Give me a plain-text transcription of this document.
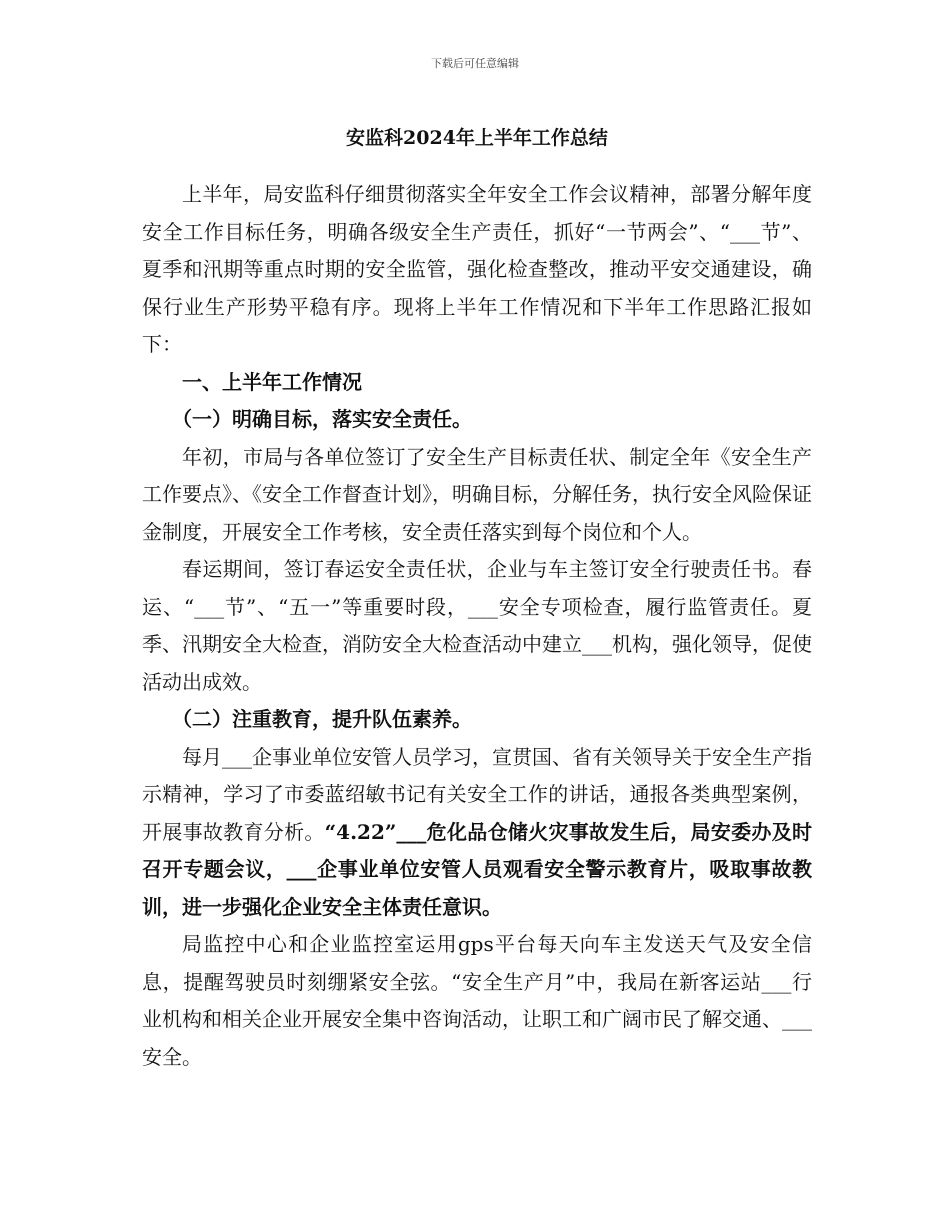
下载后可任意编辑
安监科2024年上半年工作总结

上半年，局安监科仔细贯彻落实全年安全工作会议精神，部署分解年度安全工作目标任务，明确各级安全生产责任，抓好“一节两会”、“___节”、夏季和汛期等重点时期的安全监管，强化检查整改，推动平安交通建设，确保行业生产形势平稳有序。现将上半年工作情况和下半年工作思路汇报如下：

一、上半年工作情况

（一）明确目标，落实安全责任。

年初，市局与各单位签订了安全生产目标责任状、制定全年《安全生产工作要点》、《安全工作督查计划》，明确目标，分解任务，执行安全风险保证金制度，开展安全工作考核，安全责任落实到每个岗位和个人。

春运期间，签订春运安全责任状，企业与车主签订安全行驶责任书。春运、“___节”、“五一”等重要时段，___安全专项检查，履行监管责任。夏季、汛期安全大检查，消防安全大检查活动中建立___机构，强化领导，促使活动出成效。

（二）注重教育，提升队伍素养。

每月___企事业单位安管人员学习，宣贯国、省有关领导关于安全生产指示精神，学习了市委蓝绍敏书记有关安全工作的讲话，通报各类典型案例，开展事故教育分析。“4.22”___危化品仓储火灾事故发生后，局安委办及时召开专题会议，___企事业单位安管人员观看安全警示教育片，吸取事故教训，进一步强化企业安全主体责任意识。

局监控中心和企业监控室运用gps平台每天向车主发送天气及安全信息，提醒驾驶员时刻绷紧安全弦。“安全生产月”中，我局在新客运站___行业机构和相关企业开展安全集中咨询活动，让职工和广阔市民了解交通、___安全。
